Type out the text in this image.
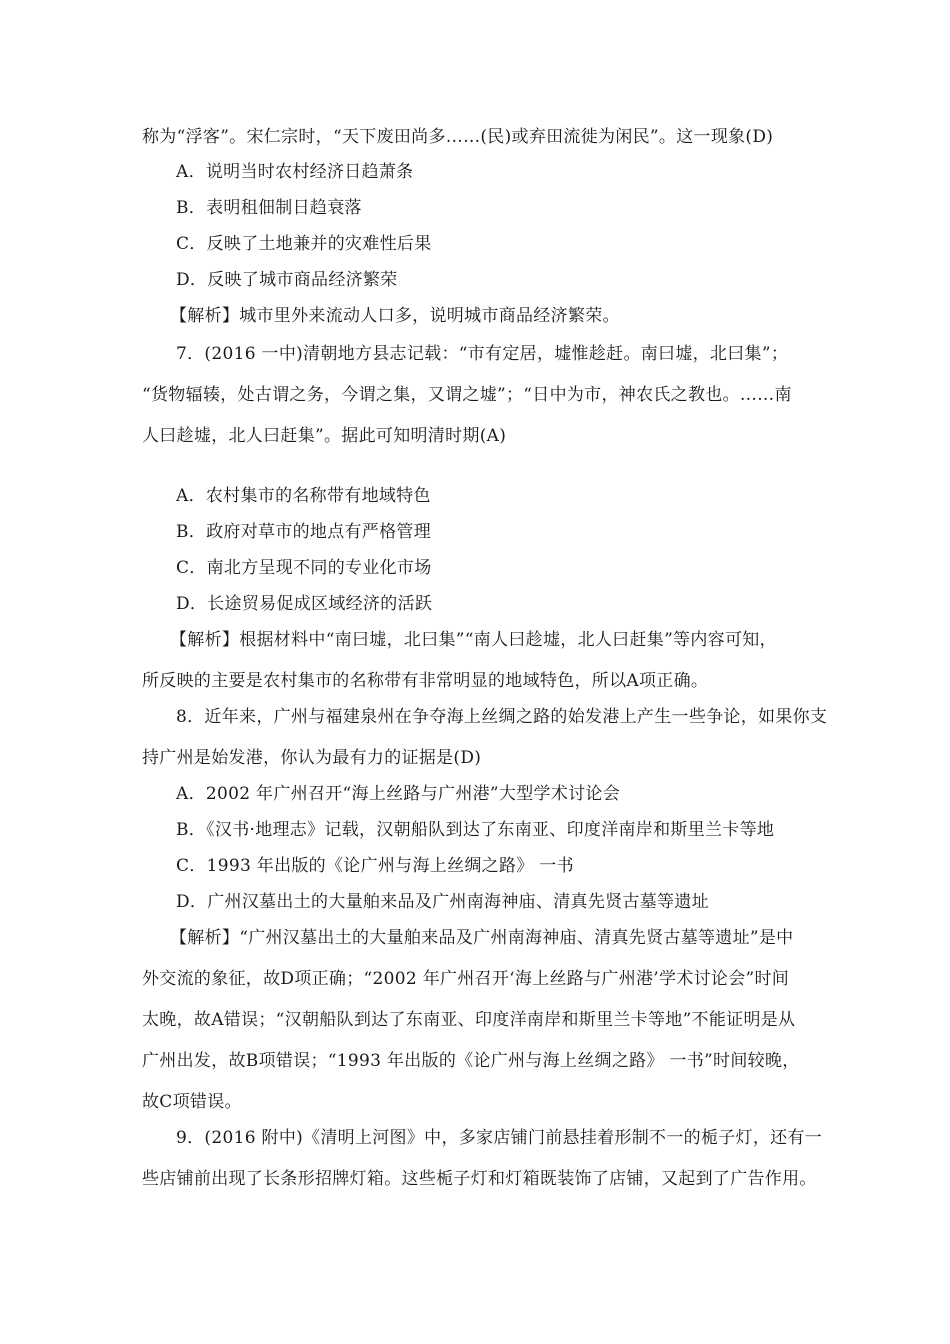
称为“浮客”。宋仁宗时，“天下废田尚多……(民)或弃田流徙为闲民”。这一现象(D)
A．说明当时农村经济日趋萧条
B．表明租佃制日趋衰落
C．反映了土地兼并的灾难性后果
D．反映了城市商品经济繁荣
【解析】城市里外来流动人口多，说明城市商品经济繁荣。
7．(2016 一中)清朝地方县志记载：“市有定居，墟惟趁赶。南曰墟，北曰集”；
“货物辐辏，处古谓之务，今谓之集，又谓之墟”；“日中为市，神农氏之教也。……南
人曰趁墟，北人曰赶集”。据此可知明清时期(A)
A．农村集市的名称带有地域特色
B．政府对草市的地点有严格管理
C．南北方呈现不同的专业化市场
D．长途贸易促成区域经济的活跃
【解析】根据材料中“南曰墟，北曰集”“南人曰趁墟，北人曰赶集”等内容可知，
所反映的主要是农村集市的名称带有非常明显的地域特色，所以A项正确。
8．近年来，广州与福建泉州在争夺海上丝绸之路的始发港上产生一些争论，如果你支
持广州是始发港，你认为最有力的证据是(D)
A．2002 年广州召开“海上丝路与广州港”大型学术讨论会
B．《汉书·地理志》记载，汉朝船队到达了东南亚、印度洋南岸和斯里兰卡等地
C．1993 年出版的《论广州与海上丝绸之路》 一书
D．广州汉墓出土的大量舶来品及广州南海神庙、清真先贤古墓等遗址
【解析】“广州汉墓出土的大量舶来品及广州南海神庙、清真先贤古墓等遗址”是中
外交流的象征，故D项正确；“2002 年广州召开‘海上丝路与广州港’学术讨论会”时间
太晚，故A错误；“汉朝船队到达了东南亚、印度洋南岸和斯里兰卡等地”不能证明是从
广州出发，故B项错误；“1993 年出版的《论广州与海上丝绸之路》 一书”时间较晚，
故C项错误。
9．(2016 附中)《清明上河图》中，多家店铺门前悬挂着形制不一的栀子灯，还有一
些店铺前出现了长条形招牌灯箱。这些栀子灯和灯箱既装饰了店铺，又起到了广告作用。
